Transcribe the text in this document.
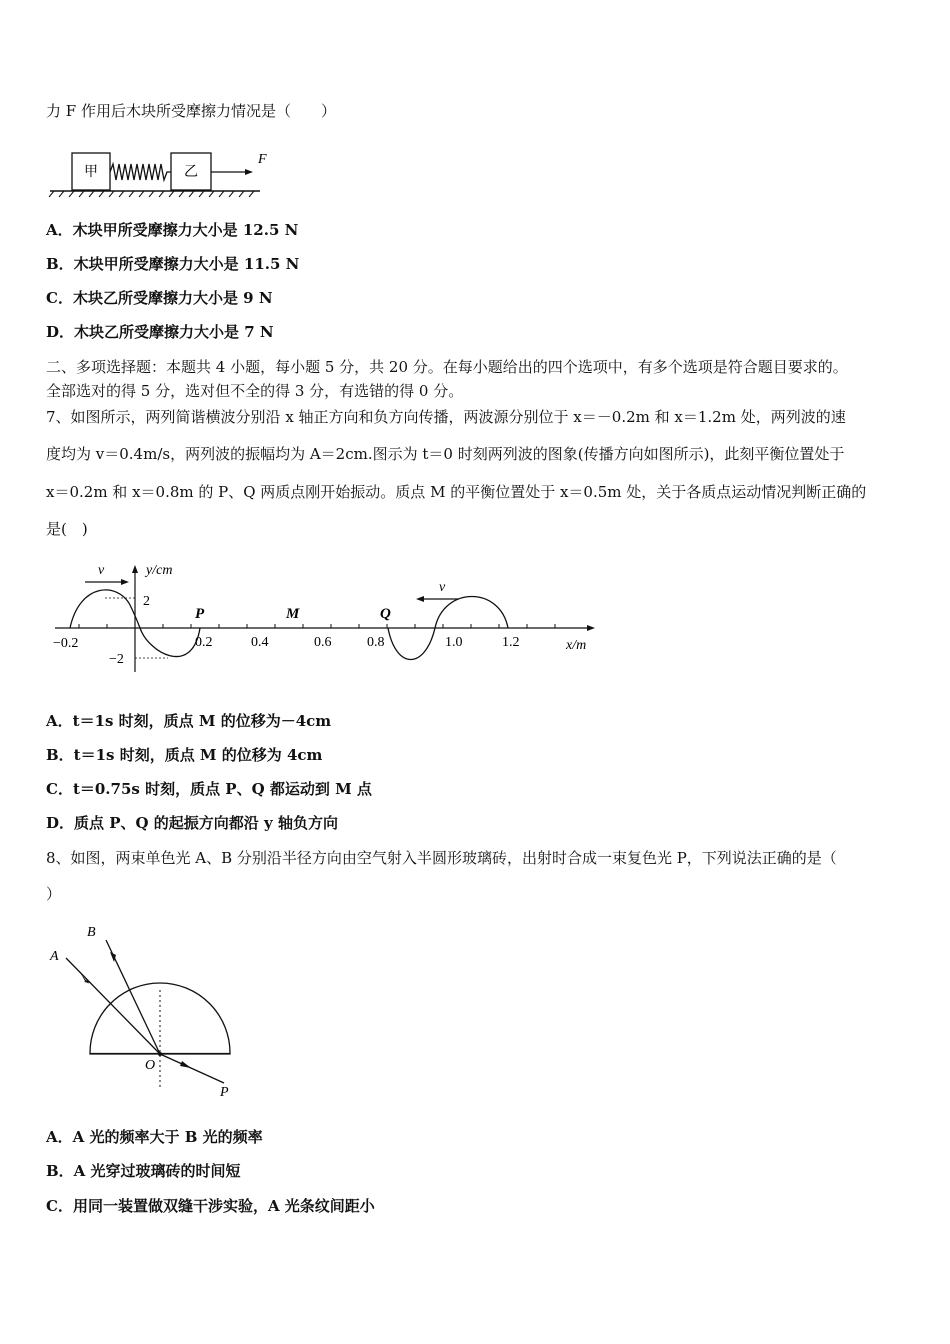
力 F 作用后木块所受摩擦力情况是（　　）
甲	乙
F
A．木块甲所受摩擦力大小是 12.5 N
B．木块甲所受摩擦力大小是 11.5 N
C．木块乙所受摩擦力大小是 9 N
D．木块乙所受摩擦力大小是 7 N
二、多项选择题：本题共 4 小题，每小题 5 分，共 20 分。在每小题给出的四个选项中，有多个选项是符合题目要求的。
全部选对的得 5 分，选对但不全的得 3 分，有选错的得 0 分。
7、如图所示，两列简谐横波分别沿 x 轴正方向和负方向传播，两波源分别位于 x＝－0.2m 和 x＝1.2m 处，两列波的速
度均为 v＝0.4m/s，两列波的振幅均为 A＝2cm.图示为 t＝0 时刻两列波的图象(传播方向如图所示)，此刻平衡位置处于
x＝0.2m 和 x＝0.8m 的 P、Q 两质点刚开始振动。质点 M 的平衡位置处于 x＝0.5m 处，关于各质点运动情况判断正确的
是(　)
y/cm
x/m
2
−2
−0.2	0.2	0.4	0.6	0.8	1.0	1.2
P	M	Q
v
v
A．t＝1s 时刻，质点 M 的位移为－4cm
B．t＝1s 时刻，质点 M 的位移为 4cm
C．t＝0.75s 时刻，质点 P、Q 都运动到 M 点
D．质点 P、Q 的起振方向都沿 y 轴负方向
8、如图，两束单色光 A、B 分别沿半径方向由空气射入半圆形玻璃砖，出射时合成一束复色光 P，下列说法正确的是（
）
A
B
O
P
A．A 光的频率大于 B 光的频率
B．A 光穿过玻璃砖的时间短
C．用同一装置做双缝干涉实验，A 光条纹间距小
